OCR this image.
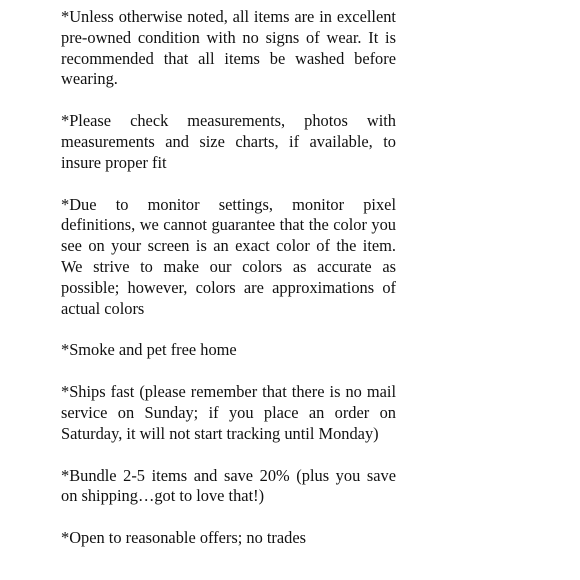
*Unless otherwise noted, all items are in excellent pre-owned condition with no signs of wear. It is recommended that all items be washed before wearing.

*Please check measurements, photos with measurements and size charts, if available, to insure proper fit

*Due to monitor settings, monitor pixel definitions, we cannot guarantee that the color you see on your screen is an exact color of the item. We strive to make our colors as accurate as possible; however, colors are approximations of actual colors

*Smoke and pet free home

*Ships fast (please remember that there is no mail service on Sunday; if you place an order on Saturday, it will not start tracking until Monday)

*Bundle 2-5 items and save 20% (plus you save on shipping…got to love that!)

*Open to reasonable offers; no trades
